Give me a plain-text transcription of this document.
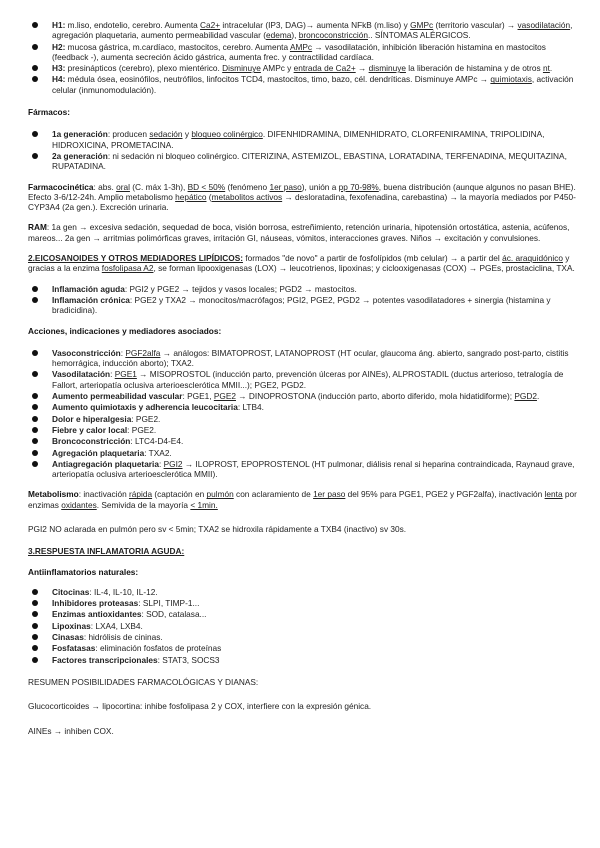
H1: m.liso, endotelio, cerebro. Aumenta Ca2+ intracelular (IP3, DAG)→ aumenta NFkB (m.liso) y GMPc (territorio vascular) → vasodilatación, agregación plaquetaria, aumento permeabilidad vascular (edema), broncoconstricción.. SÍNTOMAS ALÉRGICOS.
H2: mucosa gástrica, m.cardíaco, mastocitos, cerebro. Aumenta AMPc → vasodilatación, inhibición liberación histamina en mastocitos (feedback -), aumenta secreción ácido gástrica, aumenta frec. y contractilidad cardíaca.
H3: presinápticos (cerebro), plexo mientérico. Disminuye AMPc y entrada de Ca2+ → disminuye la liberación de histamina y de otros nt.
H4: médula ósea, eosinófilos, neutrófilos, linfocitos TCD4, mastocitos, timo, bazo, cél. dendríticas. Disminuye AMPc → quimiotaxis, activación celular (inmunomodulación).

Fármacos:

1a generación: producen sedación y bloqueo colinérgico. DIFENHIDRAMINA, DIMENHIDRATO, CLORFENIRAMINA, TRIPOLIDINA, HIDROXICINA, PROMETACINA.
2a generación: ni sedación ni bloqueo colinérgico. CITERIZINA, ASTEMIZOL, EBASTINA, LORATADINA, TERFENADINA, MEQUITAZINA, RUPATADINA.

Farmacocinética: abs. oral (C. máx 1-3h), BD < 50% (fenómeno 1er paso), unión a pp 70-98%, buena distribución (aunque algunos no pasan BHE). Efecto 3-6/12-24h. Amplio metabolismo hepático (metabolitos activos → desloratadina, fexofenadina, carebastina) → la mayoría mediados por P450-CYP3A4 (2a gen.). Excreción urinaria.

RAM: 1a gen → excesiva sedación, sequedad de boca, visión borrosa, estreñimiento, retención urinaria, hipotensión ortostática, astenia, acúfenos, mareos... 2a gen → arritmias polimórficas graves, irritación GI, náuseas, vómitos, interacciones graves. Niños → excitación y convulsiones.

2.EICOSANOIDES Y OTROS MEDIADORES LIPÍDICOS: formados "de novo" a partir de fosfolípidos (mb celular) → a partir del ác. araquidónico y gracias a la enzima fosfolipasa A2, se forman lipooxigenasas (LOX) → leucotrienos, lipoxinas; y ciclooxigenasas (COX) → PGEs, prostaciclina, TXA.

Inflamación aguda: PGI2 y PGE2 → tejidos y vasos locales; PGD2 → mastocitos.
Inflamación crónica: PGE2 y TXA2 → monocitos/macrófagos; PGI2, PGE2, PGD2 → potentes vasodilatadores + sinergia (histamina y bradicidina).

Acciones, indicaciones y mediadores asociados:

Vasoconstricción: PGF2alfa → análogos: BIMATOPROST, LATANOPROST (HT ocular, glaucoma áng. abierto, sangrado post-parto, cistitis hemorrágica, inducción aborto); TXA2.
Vasodilatación: PGE1 → MISOPROSTOL (inducción parto, prevención úlceras por AINEs), ALPROSTADIL (ductus arterioso, tetralogía de Fallort, arteriopatía oclusiva arterioesclerótica MMII...); PGE2, PGD2.
Aumento permeabilidad vascular: PGE1, PGE2 → DINOPROSTONA (inducción parto, aborto diferido, mola hidatidiforme); PGD2.
Aumento quimiotaxis y adherencia leucocitaria: LTB4.
Dolor e hiperalgesia: PGE2.
Fiebre y calor local: PGE2.
Broncoconstricción: LTC4-D4-E4.
Agregación plaquetaria: TXA2.
Antiagregación plaquetaria: PGI2 → ILOPROST, EPOPROSTENOL (HT pulmonar, diálisis renal si heparina contraindicada, Raynaud grave, arteriopatía oclusiva arterioesclerótica MMII).

Metabolismo: inactivación rápida (captación en pulmón con aclaramiento de 1er paso del 95% para PGE1, PGE2 y PGF2alfa), inactivación lenta por enzimas oxidantes. Semivida de la mayoría < 1min.

PGI2 NO aclarada en pulmón pero sv < 5min; TXA2 se hidroxila rápidamente a TXB4 (inactivo) sv 30s.

3.RESPUESTA INFLAMATORIA AGUDA:

Antiinflamatorios naturales:

Citocinas: IL-4, IL-10, IL-12.
Inhibidores proteasas: SLPI, TIMP-1...
Enzimas antioxidantes: SOD, catalasa...
Lipoxinas: LXA4, LXB4.
Cinasas: hidrólisis de cininas.
Fosfatasas: eliminación fosfatos de proteínas
Factores transcripcionales: STAT3, SOCS3

RESUMEN POSIBILIDADES FARMACOLÓGICAS Y DIANAS:

Glucocorticoides → lipocortina: inhibe fosfolipasa 2 y COX, interfiere con la expresión génica.

AINEs → inhiben COX.
